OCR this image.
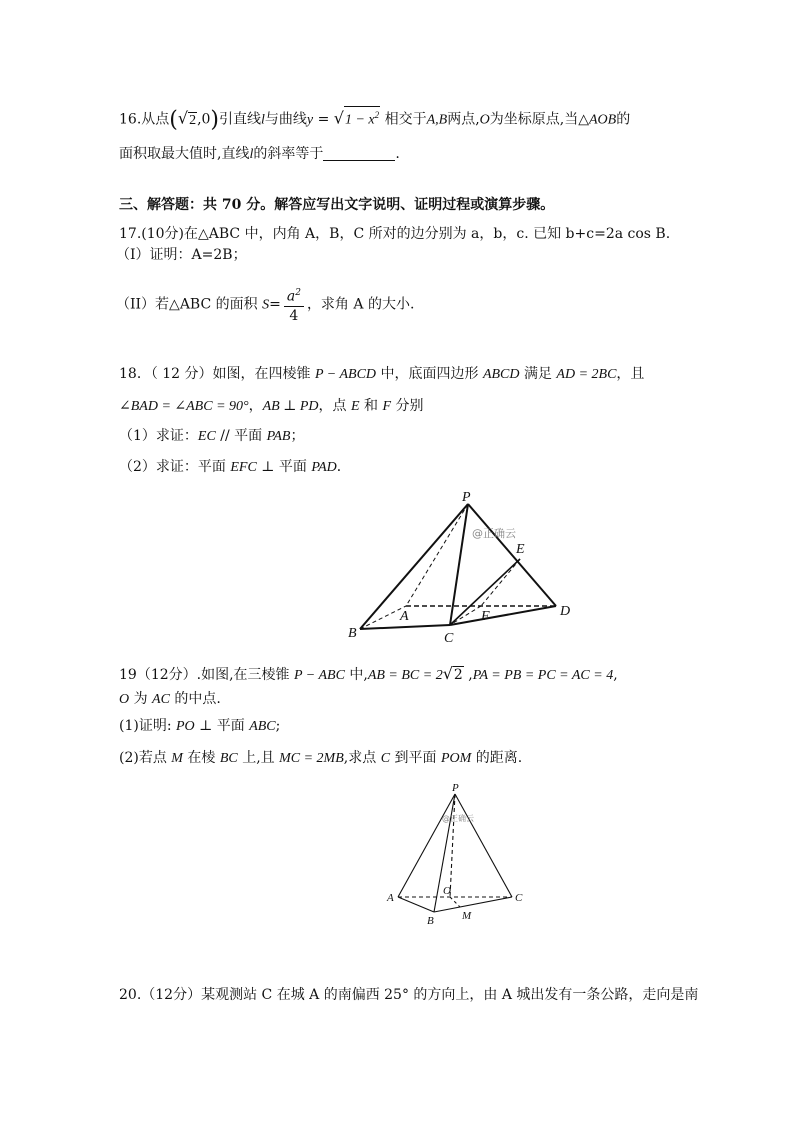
16.从点(√2,0)引直线l与曲线$y = √1 - x^2$ 相交于A,B两点,O为坐标原点,当△AOB的
面积取最大值时,直线l的斜率等于	.
三、解答题：共 70 分。解答应写出文字说明、证明过程或演算步骤。
17.(10分)在△ABC 中，内角 A，B，C 所对的边分别为 a，b，c. 已知 b+c=2a cos B.
（I）证明：A=2B；
（II）若△ABC 的面积 $S= \frac{a^2}{4}$ ，求角 A 的大小.
18．（ 12 分）如图，在四棱锥 P − ABCD 中，底面四边形 ABCD 满足 AD = 2BC，且
∠BAD = ∠ABC = 90°，AB ⊥ PD，点 E 和 F 分别
（1）求证：EC // 平面 PAB；
（2）求证：平面 EFC ⊥ 平面 PAD．
P
E
A	F	D
B	C
@正确云
19（12分）.如图,在三棱锥 P − ABC 中,AB = BC = 2√2 ,PA = PB = PC = AC = 4,
O 为 AC 的中点.
(1)证明: PO ⊥ 平面 ABC;
(2)若点 M 在棱 BC 上,且 MC = 2MB,求点 C 到平面 POM 的距离.
P
A
O
C
B	M
@正确云
20.（12分）某观测站 C 在城 A 的南偏西 25° 的方向上，由 A 城出发有一条公路，走向是南
